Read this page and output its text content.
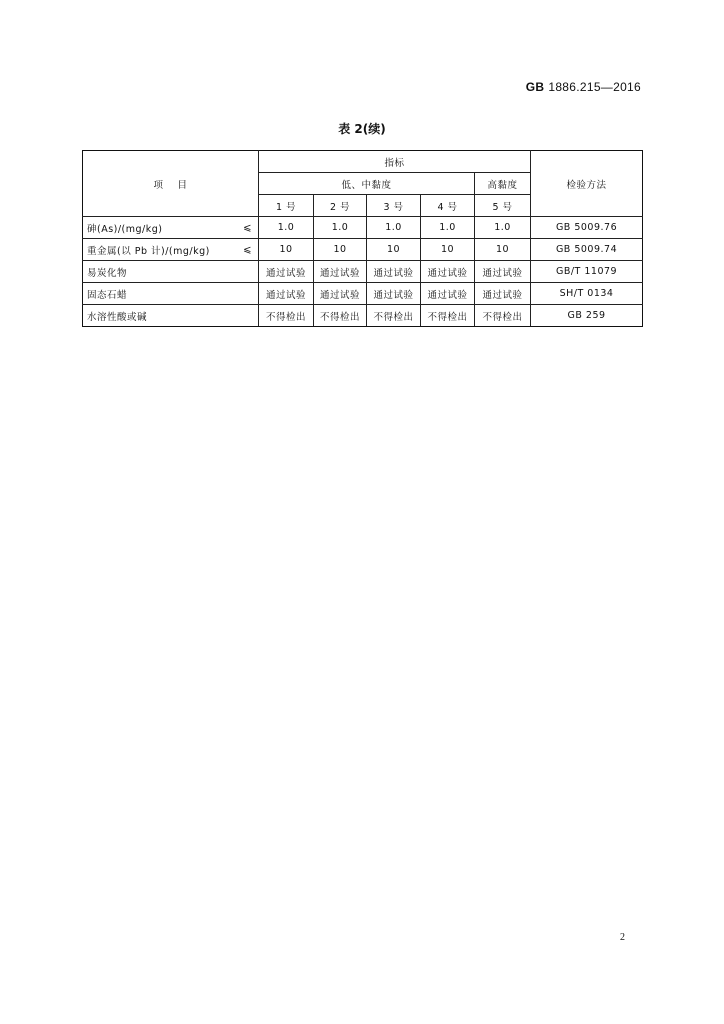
GB 1886.215—2016
表 2(续)
项    目	指标					检验方法
	低、中黏度				高黏度	
	1 号	2 号	3 号	4 号	5 号	
砷(As)/(mg/kg) ⩽	1.0	1.0	1.0	1.0	1.0	GB 5009.76
重金属(以 Pb 计)/(mg/kg) ⩽	10	10	10	10	10	GB 5009.74
易炭化物	通过试验	通过试验	通过试验	通过试验	通过试验	GB/T 11079
固态石蜡	通过试验	通过试验	通过试验	通过试验	通过试验	SH/T 0134
水溶性酸或碱	不得检出	不得检出	不得检出	不得检出	不得检出	GB 259
2
